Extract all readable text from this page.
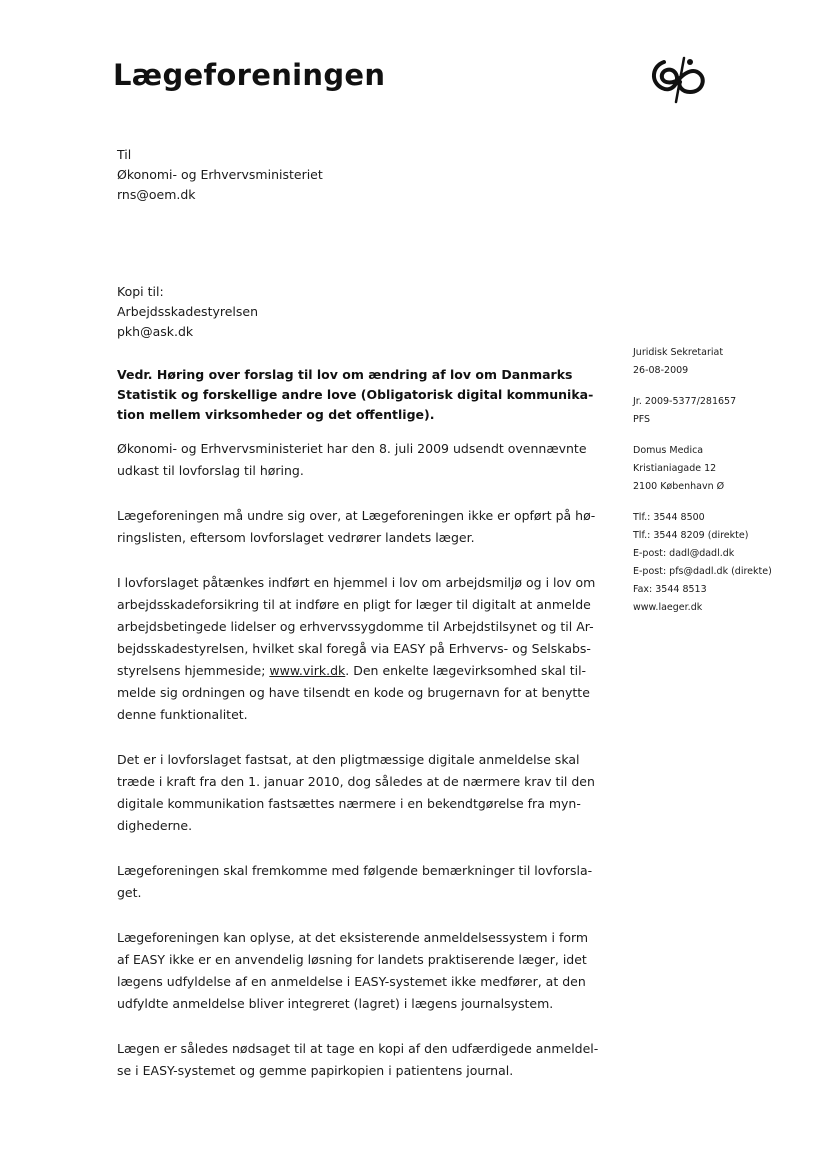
Lægeforeningen
Til
Økonomi- og Erhvervsministeriet
rns@oem.dk
Kopi til:
Arbejdsskadestyrelsen
pkh@ask.dk
Juridisk Sekretariat
26-08-2009
Jr. 2009-5377/281657
PFS
Domus Medica
Kristianiagade 12
2100 København Ø
Tlf.: 3544 8500
Tlf.: 3544 8209 (direkte)
E-post: dadl@dadl.dk
E-post: pfs@dadl.dk (direkte)
Fax: 3544 8513
www.laeger.dk
Vedr. Høring over forslag til lov om ændring af lov om Danmarks
Statistik og forskellige andre love (Obligatorisk digital kommunika-
tion mellem virksomheder og det offentlige).

Økonomi- og Erhvervsministeriet har den 8. juli 2009 udsendt ovennævnte

udkast til lovforslag til høring.

Lægeforeningen må undre sig over, at Lægeforeningen ikke er opført på hø-

ringslisten, eftersom lovforslaget vedrører landets læger.

I lovforslaget påtænkes indført en hjemmel i lov om arbejdsmiljø og i lov om

arbejdsskadeforsikring til at indføre en pligt for læger til digitalt at anmelde

arbejdsbetingede lidelser og erhvervssygdomme til Arbejdstilsynet og til Ar-

bejdsskadestyrelsen, hvilket skal foregå via EASY på Erhvervs- og Selskabs-

styrelsens hjemmeside; www.virk.dk. Den enkelte lægevirksomhed skal til-

melde sig ordningen og have tilsendt en kode og brugernavn for at benytte

denne funktionalitet.

Det er i lovforslaget fastsat, at den pligtmæssige digitale anmeldelse skal

træde i kraft fra den 1. januar 2010, dog således at de nærmere krav til den

digitale kommunikation fastsættes nærmere i en bekendtgørelse fra myn-

dighederne.

Lægeforeningen skal fremkomme med følgende bemærkninger til lovforsla-

get.

Lægeforeningen kan oplyse, at det eksisterende anmeldelsessystem i form

af EASY ikke er en anvendelig løsning for landets praktiserende læger, idet

lægens udfyldelse af en anmeldelse i EASY-systemet ikke medfører, at den

udfyldte anmeldelse bliver integreret (lagret) i lægens journalsystem.

Lægen er således nødsaget til at tage en kopi af den udfærdigede anmeldel-

se i EASY-systemet og gemme papirkopien i patientens journal.
